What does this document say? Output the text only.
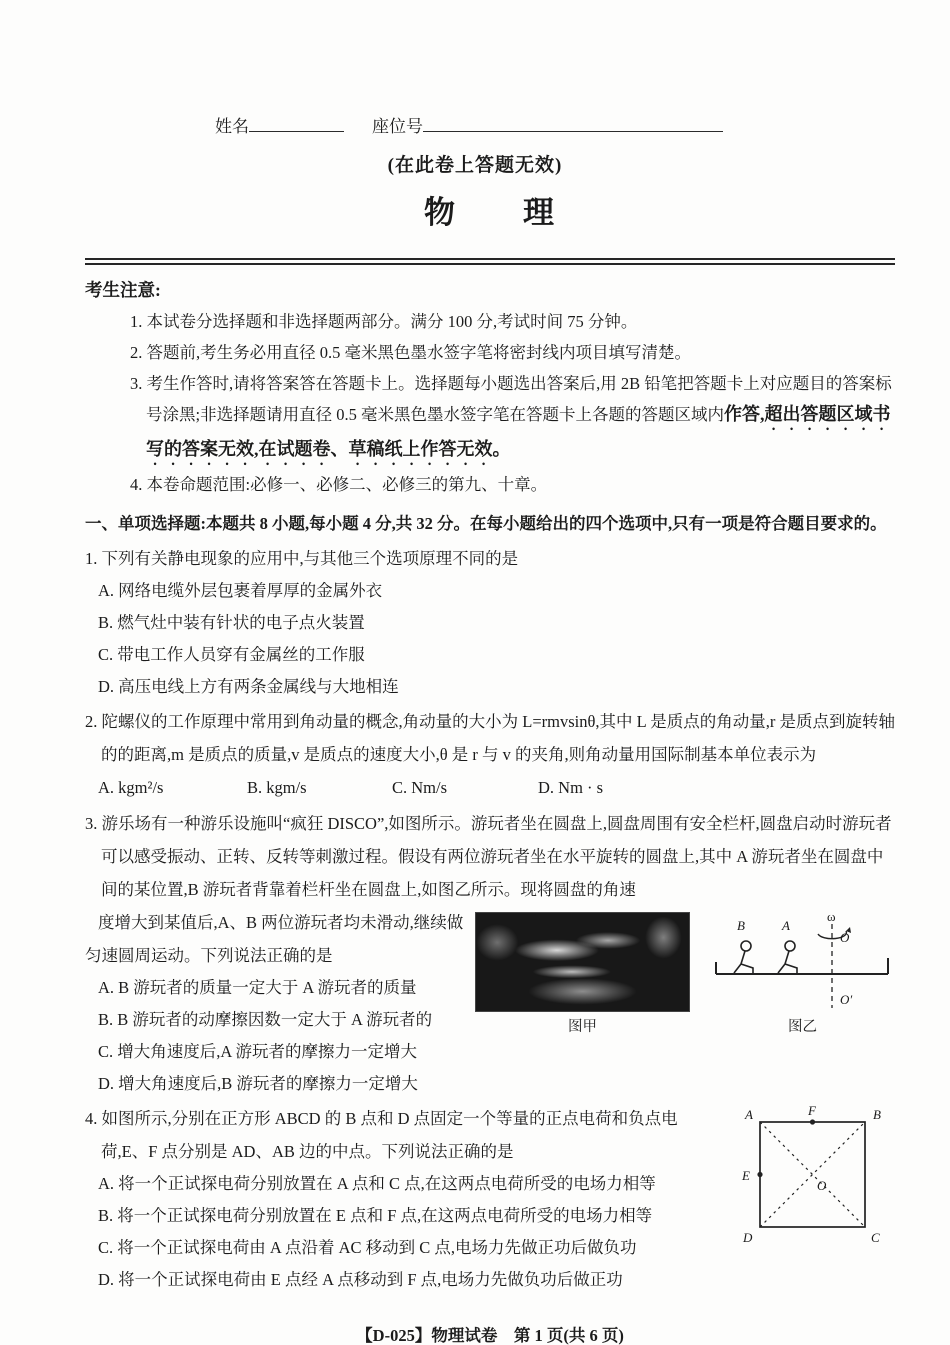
姓名	座位号
(在此卷上答题无效)
物　　理
考生注意:
1. 本试卷分选择题和非选择题两部分。满分 100 分,考试时间 75 分钟。
2. 答题前,考生务必用直径 0.5 毫米黑色墨水签字笔将密封线内项目填写清楚。
3. 考生作答时,请将答案答在答题卡上。选择题每小题选出答案后,用 2B 铅笔把答题卡上对应题目的答案标号涂黑;非选择题请用直径 0.5 毫米黑色墨水签字笔在答题卡上各题的答题区域内作答,超出答题区域书写的答案无效,在试题卷、草稿纸上作答无效。
4. 本卷命题范围:必修一、必修二、必修三的第九、十章。
一、单项选择题:本题共 8 小题,每小题 4 分,共 32 分。在每小题给出的四个选项中,只有一项是符合题目要求的。
1. 下列有关静电现象的应用中,与其他三个选项原理不同的是
A. 网络电缆外层包裹着厚厚的金属外衣
B. 燃气灶中装有针状的电子点火装置
C. 带电工作人员穿有金属丝的工作服
D. 高压电线上方有两条金属线与大地相连
2. 陀螺仪的工作原理中常用到角动量的概念,角动量的大小为 L=rmvsinθ,其中 L 是质点的角动量,r 是质点到旋转轴的的距离,m 是质点的质量,v 是质点的速度大小,θ 是 r 与 v 的夹角,则角动量用国际制基本单位表示为
A. kgm²/s	B. kgm/s	C. Nm/s	D. Nm · s
3. 游乐场有一种游乐设施叫“疯狂 DISCO”,如图所示。游玩者坐在圆盘上,圆盘周围有安全栏杆,圆盘启动时游玩者可以感受振动、正转、反转等刺激过程。假设有两位游玩者坐在水平旋转的圆盘上,其中 A 游玩者坐在圆盘中间的某位置,B 游玩者背靠着栏杆坐在圆盘上,如图乙所示。现将圆盘的角速
图甲
B	A
ω
O
O′
图乙
度增大到某值后,A、B 两位游玩者均未滑动,继续做匀速圆周运动。下列说法正确的是
A. B 游玩者的质量一定大于 A 游玩者的质量
B. B 游玩者的动摩擦因数一定大于 A 游玩者的
C. 增大角速度后,A 游玩者的摩擦力一定增大
D. 增大角速度后,B 游玩者的摩擦力一定增大
A	F	B
E
O
D	C
4. 如图所示,分别在正方形 ABCD 的 B 点和 D 点固定一个等量的正点电荷和负点电荷,E、F 点分别是 AD、AB 边的中点。下列说法正确的是
A. 将一个正试探电荷分别放置在 A 点和 C 点,在这两点电荷所受的电场力相等
B. 将一个正试探电荷分别放置在 E 点和 F 点,在这两点电荷所受的电场力相等
C. 将一个正试探电荷由 A 点沿着 AC 移动到 C 点,电场力先做正功后做负功
D. 将一个正试探电荷由 E 点经 A 点移动到 F 点,电场力先做负功后做正功
【D-025】物理试卷　第 1 页(共 6 页)
